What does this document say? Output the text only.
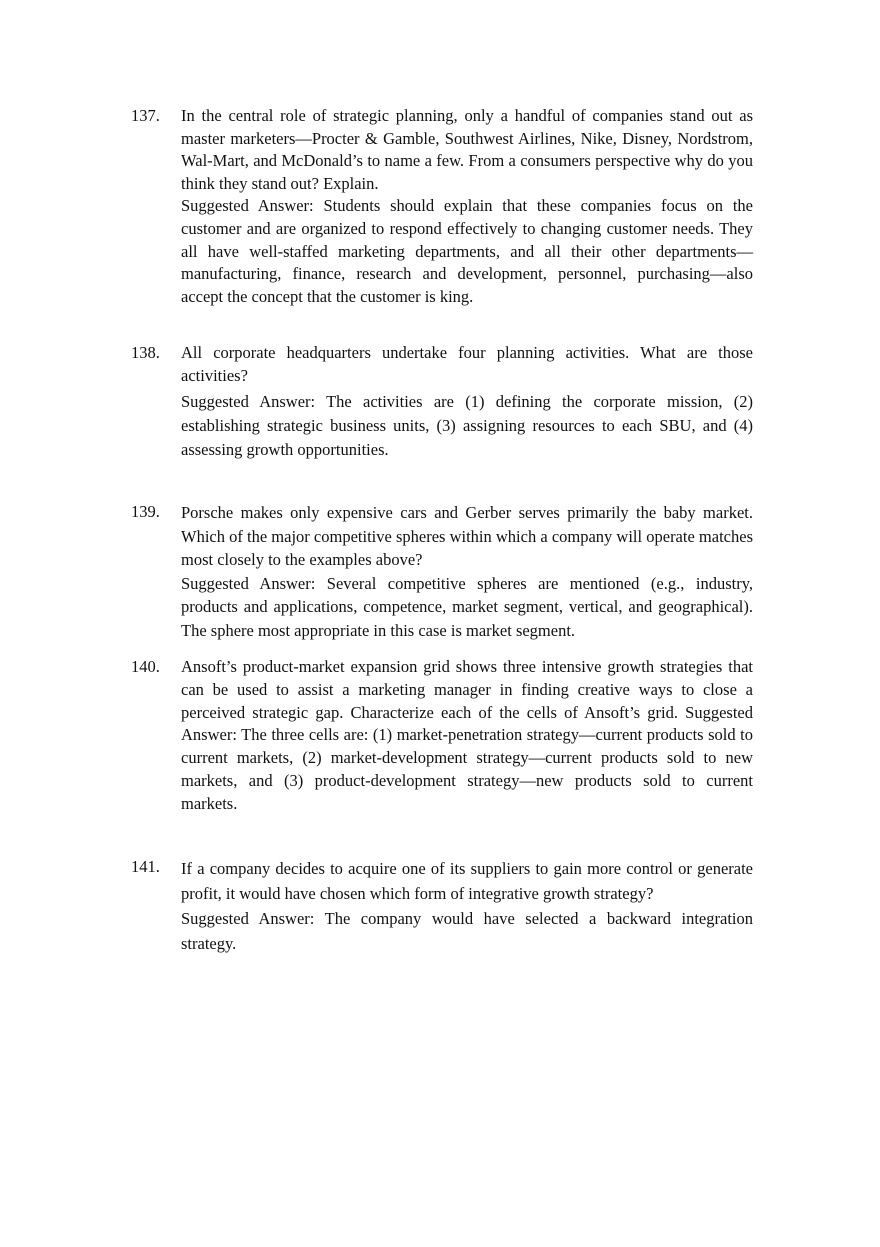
137.	In the central role of strategic planning, only a handful of companies stand out as master marketers—Procter & Gamble, Southwest Airlines, Nike, Disney, Nordstrom, Wal-Mart, and McDonald’s to name a few. From a consumers perspective why do you think they stand out? Explain.

Suggested Answer: Students should explain that these companies focus on the customer and are organized to respond effectively to changing customer needs. They all have well-staffed marketing departments, and all their other departments—manufacturing, finance, research and development, personnel, purchasing—also accept the concept that the customer is king.

138.	All corporate headquarters undertake four planning activities. What are those activities?

Suggested Answer: The activities are (1) defining the corporate mission, (2) establishing strategic business units, (3) assigning resources to each SBU, and (4) assessing growth opportunities.

139.	Porsche makes only expensive cars and Gerber serves primarily the baby market. Which of the major competitive spheres within which a company will operate matches most closely to the examples above?

Suggested Answer: Several competitive spheres are mentioned (e.g., industry, products and applications, competence, market segment, vertical, and geographical). The sphere most appropriate in this case is market segment.

140.	Ansoft’s product-market expansion grid shows three intensive growth strategies that can be used to assist a marketing manager in finding creative ways to close a perceived strategic gap. Characterize each of the cells of Ansoft’s grid. Suggested Answer: The three cells are: (1) market-penetration strategy—current products sold to current markets, (2) market-development strategy—current products sold to new markets, and (3) product-development strategy—new products sold to current markets.

141.	If a company decides to acquire one of its suppliers to gain more control or generate profit, it would have chosen which form of integrative growth strategy?

Suggested Answer: The company would have selected a backward integration strategy.
